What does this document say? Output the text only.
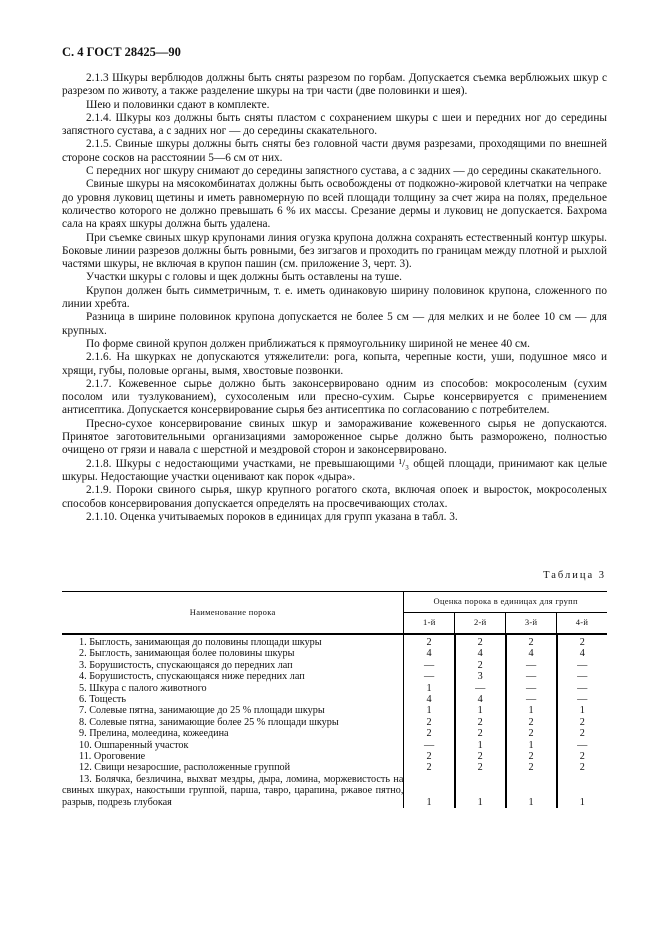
С. 4 ГОСТ 28425—90

2.1.3 Шкуры верблюдов должны быть сняты разрезом по горбам. Допускается съемка верблюжьих шкур с разрезом по животу, а также разделение шкуры на три части (две половинки и шея).

Шею и половинки сдают в комплекте.

2.1.4. Шкуры коз должны быть сняты пластом с сохранением шкуры с шеи и передних ног до середины запястного сустава, а с задних ног — до середины скакательного.

2.1.5. Свиные шкуры должны быть сняты без головной части двумя разрезами, проходящими по внешней стороне сосков на расстоянии 5—6 см от них.

С передних ног шкуру снимают до середины запястного сустава, а с задних — до середины скакательного.

Свиные шкуры на мясокомбинатах должны быть освобождены от подкожно-жировой клетчатки на чепраке до уровня луковиц щетины и иметь равномерную по всей площади толщину за счет жира на полях, предельное количество которого не должно превышать 6 % их массы. Срезание дермы и луковиц не допускается. Бахрома сала на краях шкуры должна быть удалена.

При съемке свиных шкур крупонами линия огузка крупона должна сохранять естественный контур шкуры. Боковые линии разрезов должны быть ровными, без зигзагов и проходить по границам между плотной и рыхлой частями шкуры, не включая в крупон пашин (см. приложение 3, черт. 3).

Участки шкуры с головы и щек должны быть оставлены на туше.

Крупон должен быть симметричным, т. е. иметь одинаковую ширину половинок крупона, сложенного по линии хребта.

Разница в ширине половинок крупона допускается не более 5 см — для мелких и не более 10 см — для крупных.

По форме свиной крупон должен приближаться к прямоугольнику шириной не менее 40 см.

2.1.6. На шкурках не допускаются утяжелители: рога, копыта, черепные кости, уши, подушное мясо и хрящи, губы, половые органы, вымя, хвостовые позвонки.

2.1.7. Кожевенное сырье должно быть законсервировано одним из способов: мокросоленым (сухим посолом или тузлукованием), сухосоленым или пресно-сухим. Сырье консервируется с применением антисептика. Допускается консервирование сырья без антисептика по согласованию с потребителем.

Пресно-сухое консервирование свиных шкур и замораживание кожевенного сырья не допускаются. Принятое заготовительными организациями замороженное сырье должно быть разморожено, полностью очищено от грязи и навала с шерстной и мездровой сторон и законсервировано.

2.1.8. Шкуры с недостающими участками, не превышающими ¹/₃ общей площади, принимают как целые шкуры. Недостающие участки оценивают как порок «дыра».

2.1.9. Пороки свиного сырья, шкур крупного рогатого скота, включая опоек и выросток, мокросоленых способов консервирования допускается определять на просвечивающих столах.

2.1.10. Оценка учитываемых пороков в единицах для групп указана в табл. 3.

Таблица 3
Наименование порока	Оценка порока в единицах для групп			
	1-й	2-й	3-й	4-й
1. Быглость, занимающая до половины площади шкуры	2	2	2	2
2. Быглость, занимающая более половины шкуры	4	4	4	4
3. Борушистость, спускающаяся до передних лап	—	2	—	—
4. Борушистость, спускающаяся ниже передних лап	—	3	—	—
5. Шкура с палого животного	1	—	—	—
6. Тощесть	4	4	—	—
7. Солевые пятна, занимающие до 25 % площади шкуры	1	1	1	1
8. Солевые пятна, занимающие более 25 % площади шкуры	2	2	2	2
9. Прелина, молеедина, кожеедина	2	2	2	2
10. Ошпаренный участок	—	1	1	—
11. Ороговение	2	2	2	2
12. Свищи незаросшие, расположенные группой	2	2	2	2
13. Болячка, безличина, выхват мездры, дыра, ломина, моржевистость на свиных шкурах, накостыши группой, парша, тавро, царапина, ржавое пятно, разрыв, подрезь глубокая	1	1	1	1
